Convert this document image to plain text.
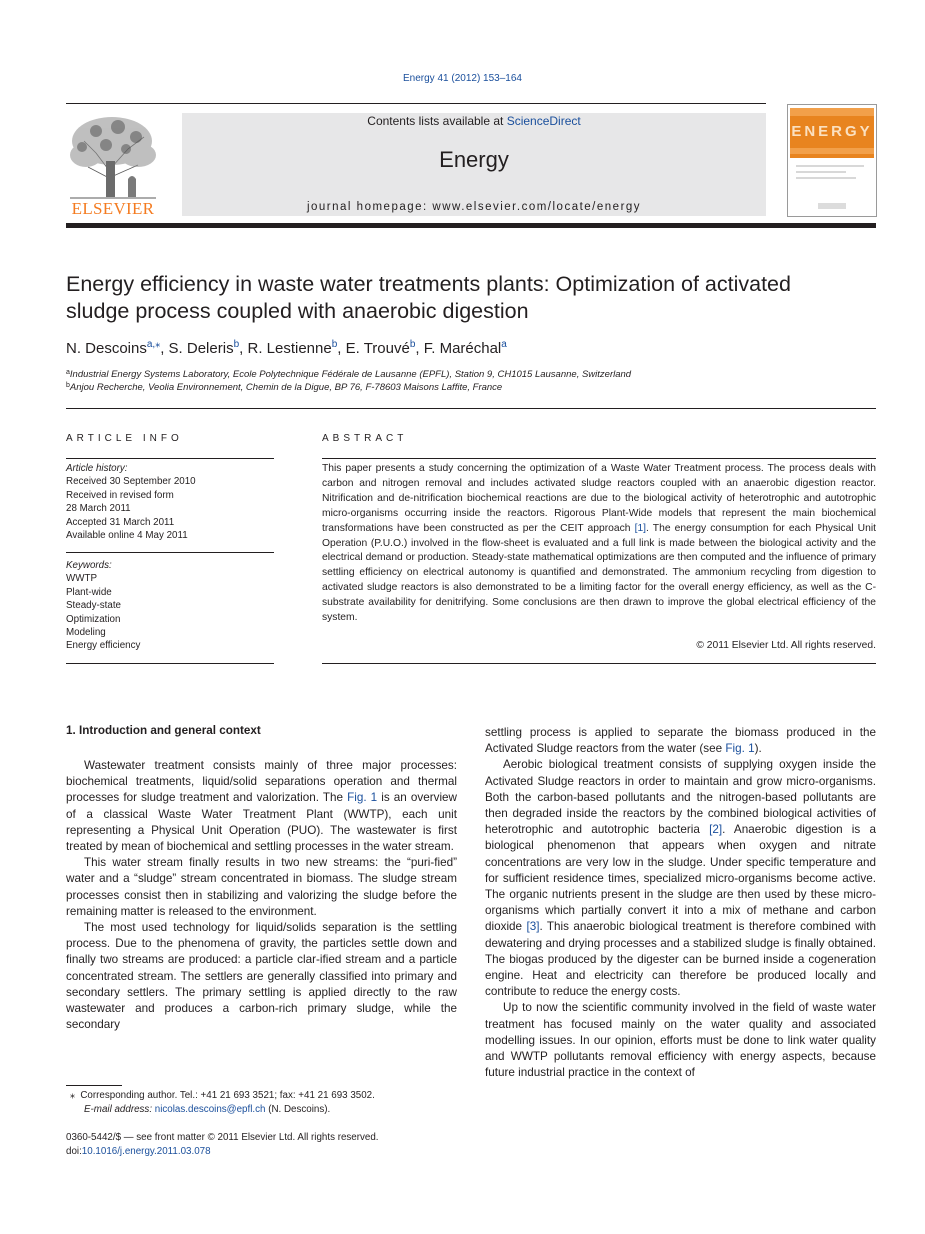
Energy 41 (2012) 153–164
ELSEVIER
Contents lists available at ScienceDirect
Energy
journal homepage: www.elsevier.com/locate/energy
ENERGY
Energy efficiency in waste water treatments plants: Optimization of activated
sludge process coupled with anaerobic digestion
N. Descoins$^{a,⁎}$, S. Deleris$^b$, R. Lestienne$^b$, E. Trouvé$^b$, F. Maréchal$^a$
$^a$Industrial Energy Systems Laboratory, Ecole Polytechnique Fédérale de Lausanne (EPFL), Station 9, CH1015 Lausanne, Switzerland
$^b$Anjou Recherche, Veolia Environnement, Chemin de la Digue, BP 76, F-78603 Maisons Laffite, France
ARTICLE INFO
Article history:
Received 30 September 2010
Received in revised form
28 March 2011
Accepted 31 March 2011
Available online 4 May 2011
Keywords:
WWTP
Plant-wide
Steady-state
Optimization
Modeling
Energy efficiency
ABSTRACT
This paper presents a study concerning the optimization of a Waste Water Treatment process. The process deals with carbon and nitrogen removal and includes activated sludge reactors coupled with an anaerobic digestion reactor. Nitrification and de-nitrification biochemical reactions are due to the biological activity of heterotrophic and autotrophic micro-organisms occurring inside the reactors. Rigorous Plant-Wide models that represent the main biochemical transformations have been constructed as per the CEIT approach [1]. The energy consumption for each Physical Unit Operation (P.U.O.) involved in the flow-sheet is evaluated and a full link is made between the biological activity and the electrical demand or production. Steady-state mathematical optimizations are then computed and the influence of primary settling efficiency on electrical autonomy is quantified and demonstrated. The ammonium recycling from digestion to activated sludge reactors is also demonstrated to be a limiting factor for the overall energy efficiency, as well as the C-substrate availability for denitrifying. Some conclusions are then drawn to improve the global electrical efficiency of the system.
© 2011 Elsevier Ltd. All rights reserved.
1. Introduction and general context

Wastewater treatment consists mainly of three major processes: biochemical treatments, liquid/solid separations operation and thermal processes for sludge treatment and valorization. The Fig. 1 is an overview of a classical Waste Water Treatment Plant (WWTP), each unit representing a Physical Unit Operation (PUO). The wastewater is first treated by mean of biochemical and settling processes in the water stream.

This water stream finally results in two new streams: the “puri-fied” water and a “sludge” stream concentrated in biomass. The sludge stream processes consist then in stabilizing and valorizing the sludge before the remaining matter is released to the environment.

The most used technology for liquid/solids separation is the settling process. Due to the phenomena of gravity, the particles settle down and finally two streams are produced: a particle clar-ified stream and a particle concentrated stream. The settlers are generally classified into primary and secondary settlers. The primary settling is applied directly to the raw wastewater and produces a carbon-rich primary sludge, while the secondary

settling process is applied to separate the biomass produced in the Activated Sludge reactors from the water (see Fig. 1).

Aerobic biological treatment consists of supplying oxygen inside the Activated Sludge reactors in order to maintain and grow micro-organisms. Both the carbon-based pollutants and the nitrogen-based pollutants are then degraded inside the reactors by the combined biological activities of heterotrophic and autotrophic bacteria [2]. Anaerobic digestion is a biological phenomenon that appears when oxygen and nitrate concentrations are very low in the sludge. Under specific temperature and for sufficient residence times, specialized micro-organisms become active. The organic nutrients present in the sludge are then used by these micro-organisms which partially convert it into a mix of methane and carbon dioxide [3]. This anaerobic biological treatment is therefore combined with dewatering and drying processes and a stabilized sludge is finally obtained. The biogas produced by the digester can be burned inside a cogeneration engine. Heat and electricity can therefore be produced locally and contribute to reduce the energy costs.

Up to now the scientific community involved in the field of waste water treatment has focused mainly on the water quality and associated modelling issues. In our opinion, efforts must be done to link water quality and WWTP pollutants removal efficiency with energy aspects, because future industrial practice in the context of

⁎  Corresponding author. Tel.: +41 21 693 3521; fax: +41 21 693 3502.
E-mail address: nicolas.descoins@epfl.ch (N. Descoins).
0360-5442/$ — see front matter © 2011 Elsevier Ltd. All rights reserved.
doi:10.1016/j.energy.2011.03.078
